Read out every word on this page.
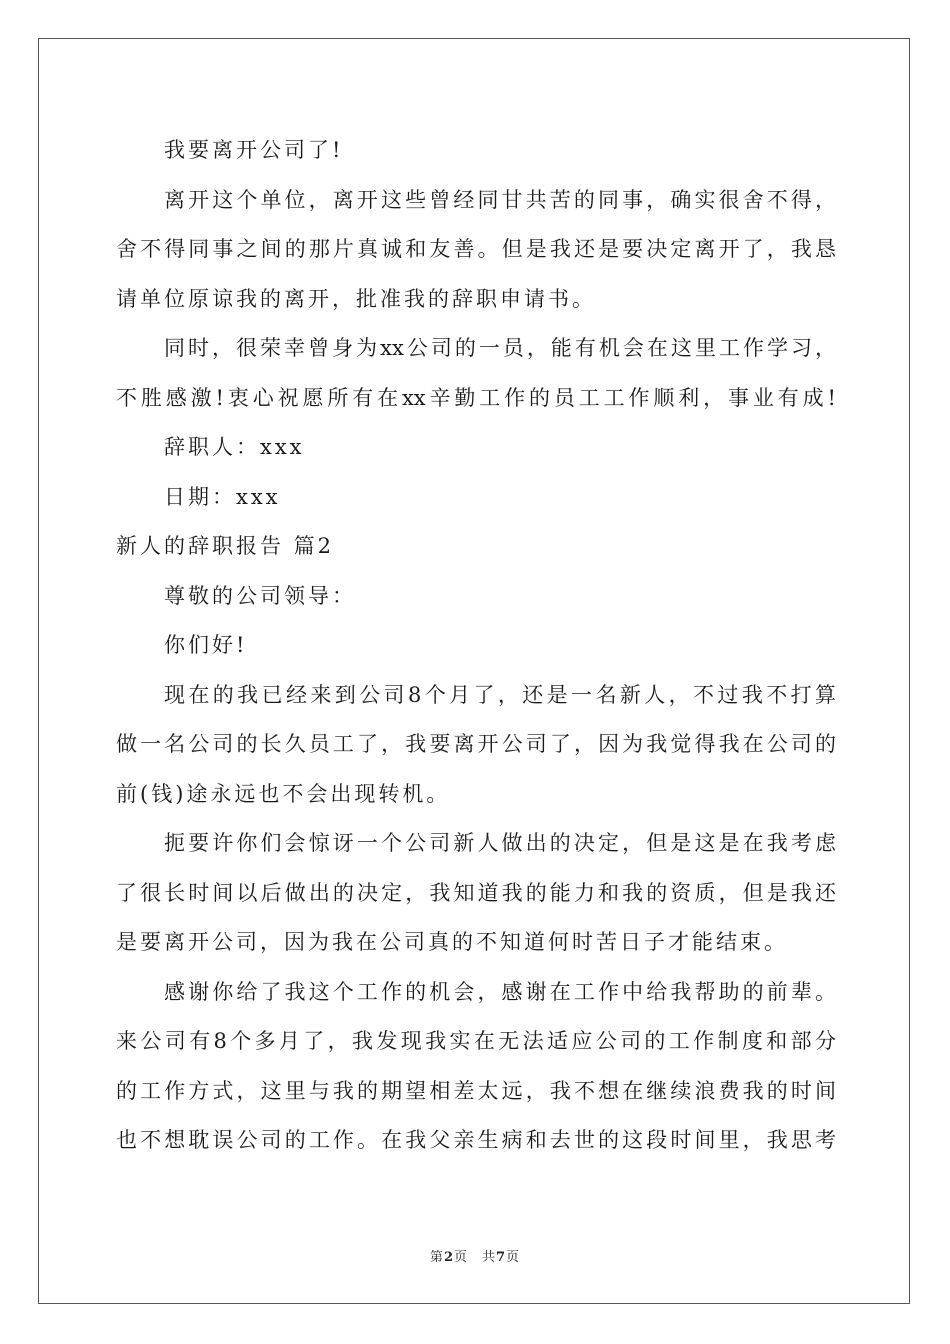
我要离开公司了!
离开这个单位，离开这些曾经同甘共苦的同事，确实很舍不得，
舍不得同事之间的那片真诚和友善。但是我还是要决定离开了，我恳
请单位原谅我的离开，批准我的辞职申请书。
同时，很荣幸曾身为xx公司的一员，能有机会在这里工作学习，
不胜感激!衷心祝愿所有在xx辛勤工作的员工工作顺利，事业有成!
辞职人：xxx
日期：xxx
新人的辞职报告 篇2
尊敬的公司领导：
你们好!
现在的我已经来到公司8个月了，还是一名新人，不过我不打算
做一名公司的长久员工了，我要离开公司了，因为我觉得我在公司的
前(钱)途永远也不会出现转机。
扼要许你们会惊讶一个公司新人做出的决定，但是这是在我考虑
了很长时间以后做出的决定，我知道我的能力和我的资质，但是我还
是要离开公司，因为我在公司真的不知道何时苦日子才能结束。
感谢你给了我这个工作的机会，感谢在工作中给我帮助的前辈。
来公司有8个多月了，我发现我实在无法适应公司的工作制度和部分
的工作方式，这里与我的期望相差太远，我不想在继续浪费我的时间
也不想耽误公司的工作。在我父亲生病和去世的这段时间里，我思考
第2页　共7页
